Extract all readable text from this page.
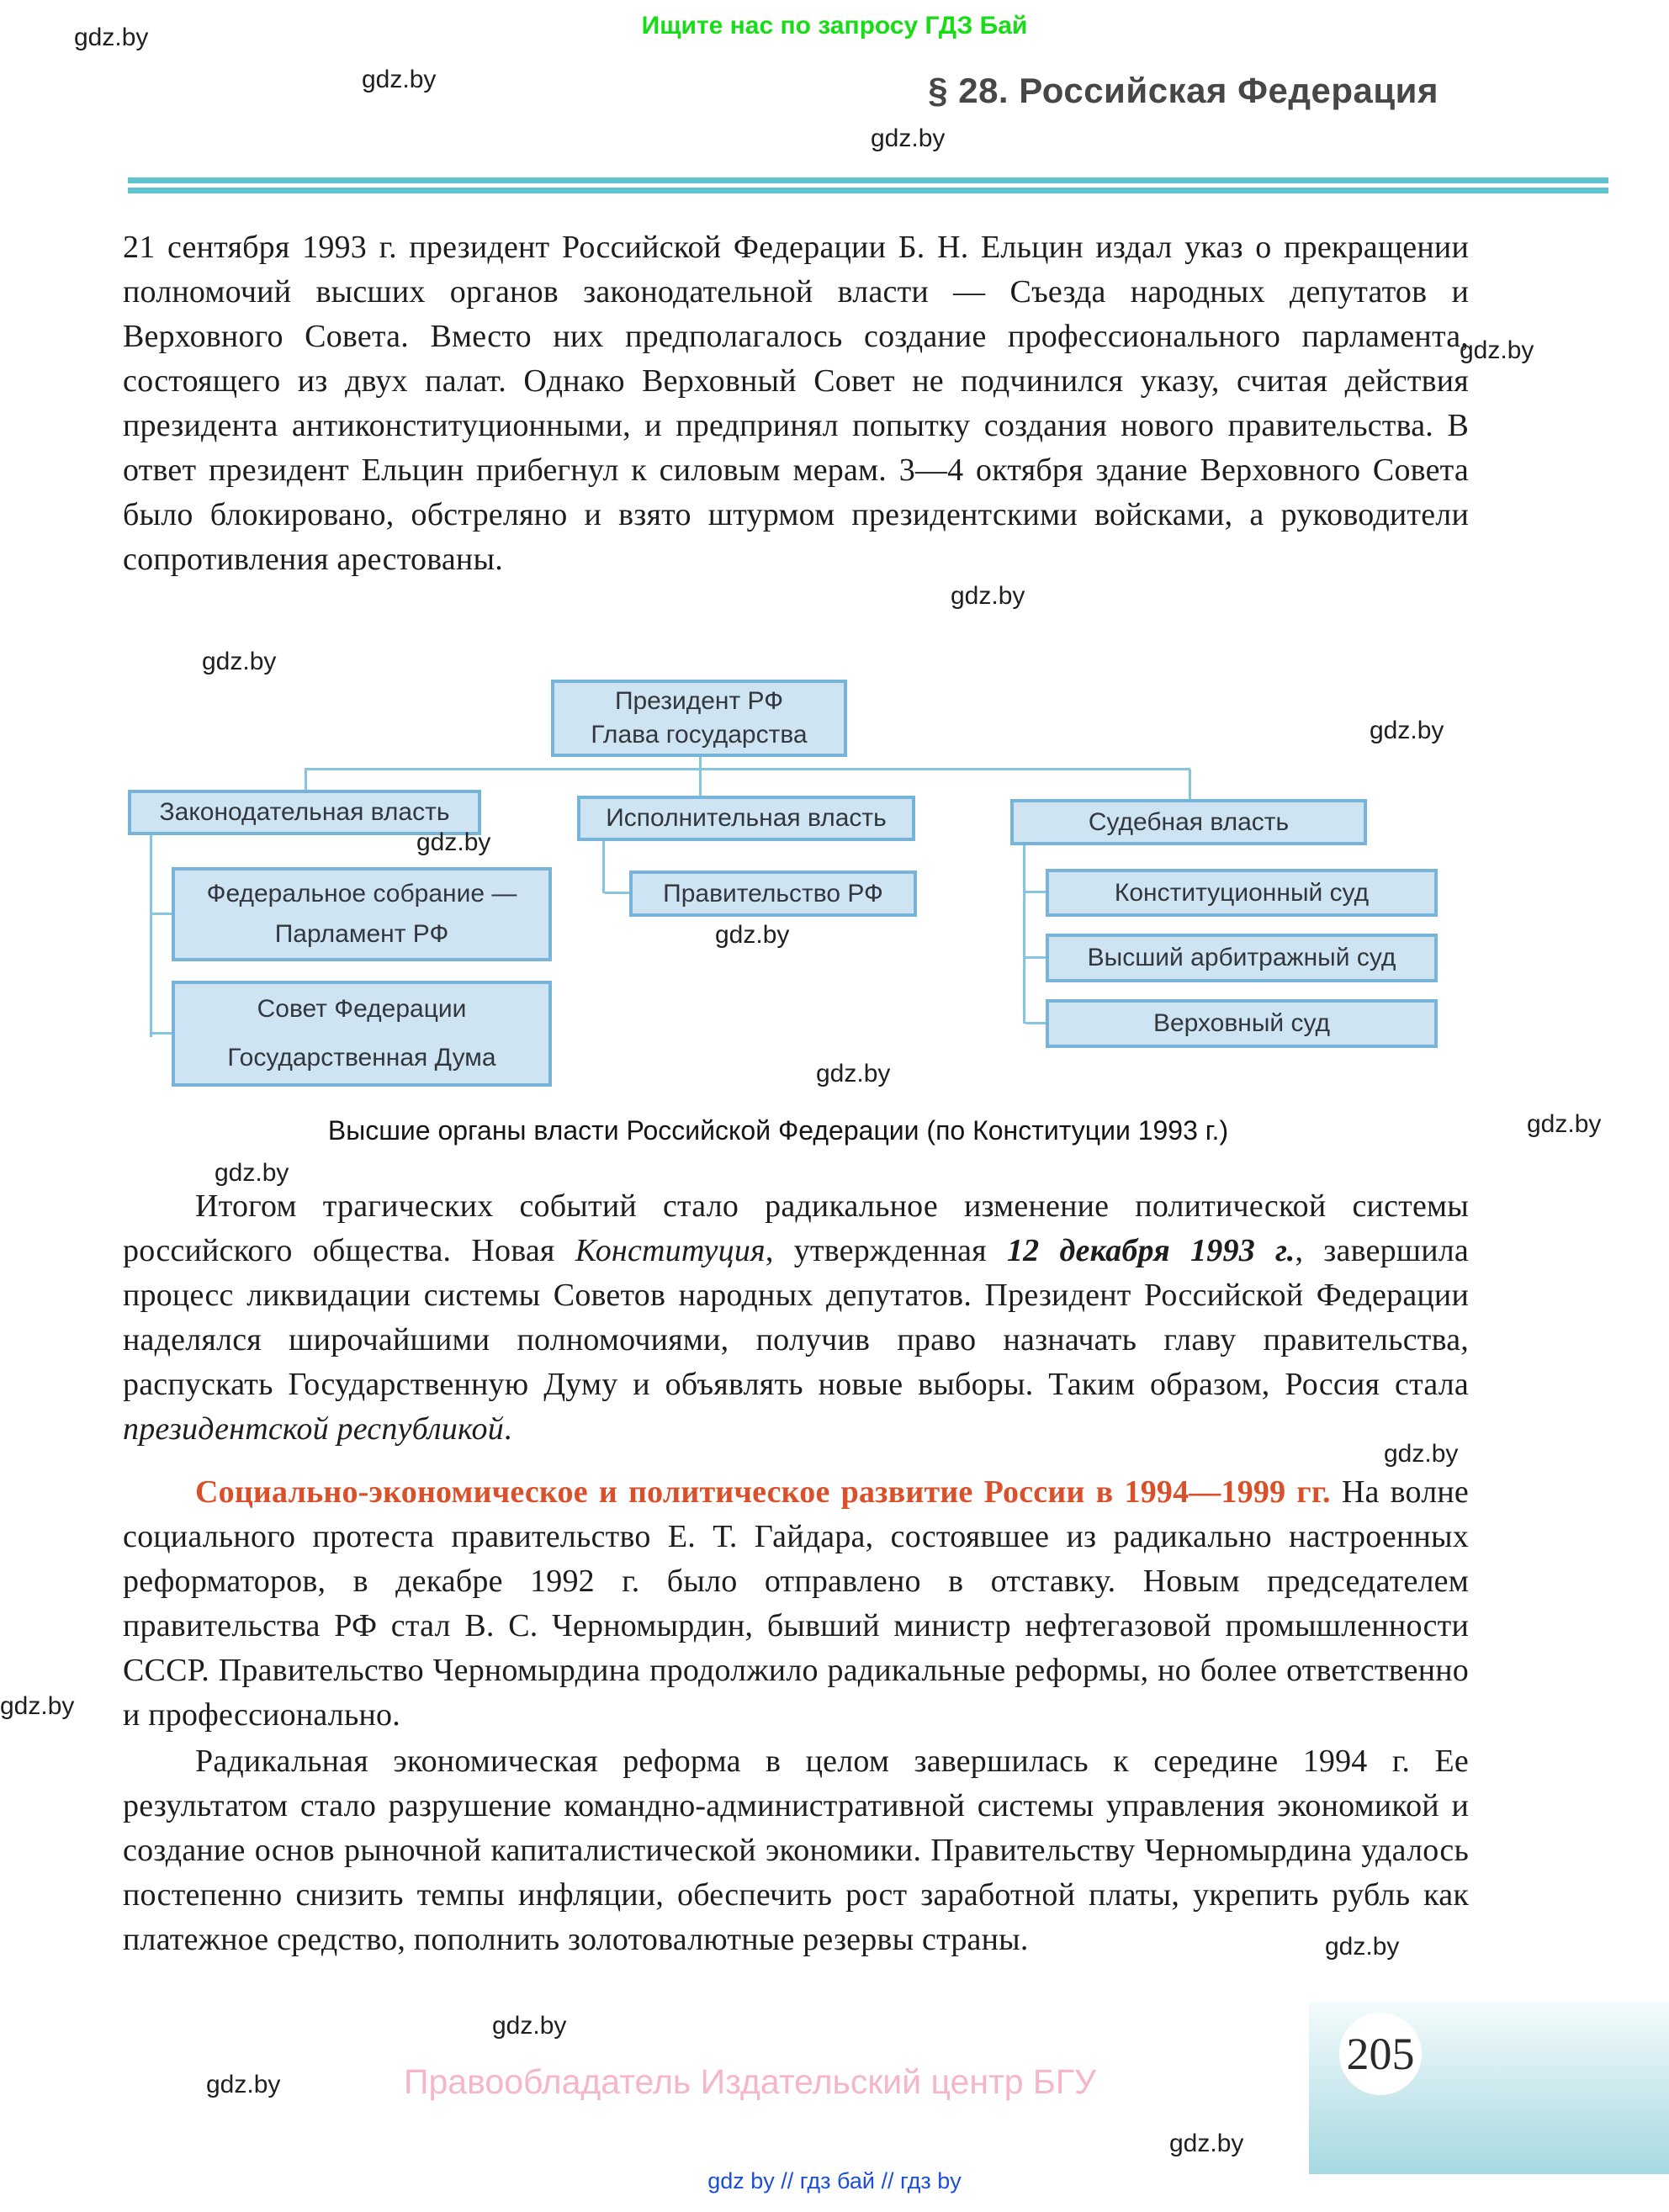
Ищите нас по запросу ГДЗ Бай
§ 28. Российская Федерация
21 сентября 1993 г. президент Российской Федерации Б. Н. Ельцин издал указ о прекращении полномочий высших органов законодательной власти — Съезда народных депутатов и Верховного Совета. Вместо них предполагалось создание профессионального парламента, состоящего из двух палат. Однако Верховный Совет не подчинился указу, считая действия президента антиконституционными, и предпринял попытку создания нового правительства. В ответ президент Ельцин прибегнул к силовым мерам. 3—4 октября здание Верховного Совета было блокировано, обстреляно и взято штурмом президентскими войсками, а руководители сопротивления арестованы.
Президент РФ
Глава государства
Законодательная власть	Исполнительная власть	Судебная власть
Федеральное собрание —
Парламент РФ
Совет Федерации
Государственная Дума
Правительство РФ	Конституционный суд
Высший арбитражный суд
Верховный суд
Высшие органы власти Российской Федерации (по Конституции 1993 г.)
Итогом трагических событий стало радикальное изменение политической системы российского общества. Новая Конституция, утвержденная 12 декабря 1993 г., завершила процесс ликвидации системы Советов народных депутатов. Президент Российской Федерации наделялся широчайшими полномочиями, получив право назначать главу правительства, распускать Государственную Думу и объявлять новые выборы. Таким образом, Россия стала президентской республикой.
Социально-экономическое и политическое развитие России в 1994—1999 гг. На волне социального протеста правительство Е. Т. Гайдара, состоявшее из радикально настроенных реформаторов, в декабре 1992 г. было отправлено в отставку. Новым председателем правительства РФ стал В. С. Черномырдин, бывший министр нефтегазовой промышленности СССР. Правительство Черномырдина продолжило радикальные реформы, но более ответственно и профессионально.
Радикальная экономическая реформа в целом завершилась к середине 1994 г. Ее результатом стало разрушение командно-административной системы управления экономикой и создание основ рыночной капиталистической экономики. Правительству Черномырдина удалось постепенно снизить темпы инфляции, обеспечить рост заработной платы, укрепить рубль как платежное средство, пополнить золотовалютные резервы страны.
Правообладатель Издательский центр БГУ
205
gdz by // гдз бай // гдз by
gdz.by
gdz.by
gdz.by
gdz.by
gdz.by
gdz.by
gdz.by
gdz.by
gdz.by
gdz.by
gdz.by
gdz.by
gdz.by
gdz.by
gdz.by
gdz.by
gdz.by
gdz.by
